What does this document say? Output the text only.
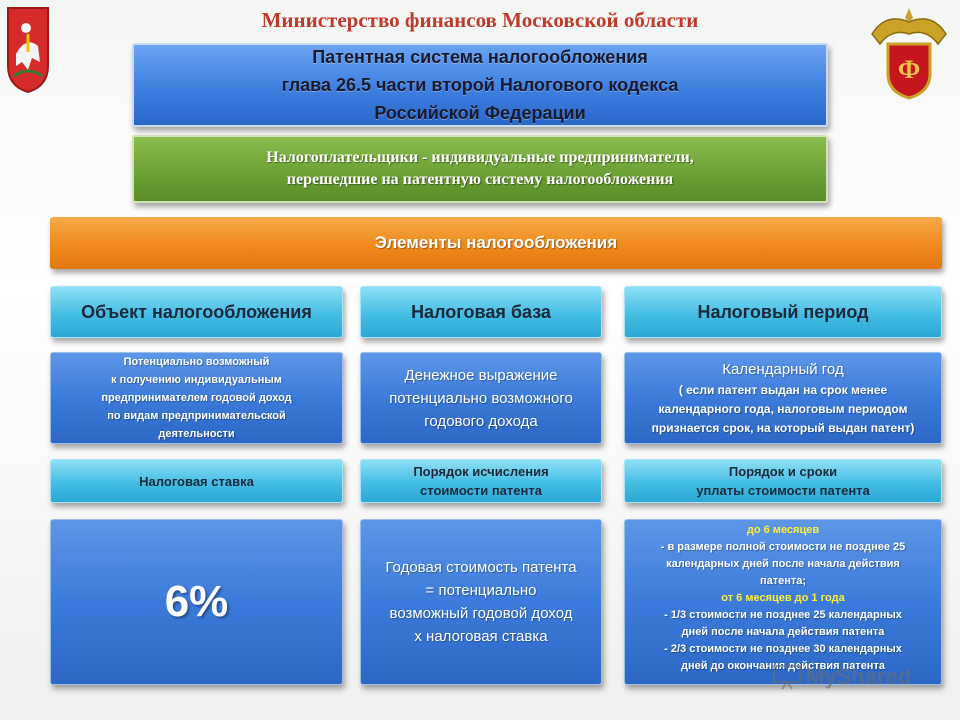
Ф
Министерство финансов Московской области
Патентная система налогообложения
глава 26.5 части второй Налогового кодекса
Российской Федерации
Налогоплательщики - индивидуальные предприниматели,
перешедшие на патентную систему налогообложения
Элементы налогообложения
Объект налогообложения	Налоговая база	Налоговый период
Потенциально возможный
к получению индивидуальным
предпринимателем годовой доход
по видам предпринимательской
деятельности
Денежное выражение
потенциально возможного
годового дохода
Календарный год
( если патент выдан на срок менее
календарного года, налоговым периодом
признается срок, на который выдан патент)
Налоговая ставка
Порядок исчисления
стоимости патента
Порядок и сроки
уплаты стоимости патента
6%
Годовая стоимость патента
= потенциально
возможный годовой доход
х налоговая ставка
до 6 месяцев
- в размере полной стоимости не позднее 25
календарных дней после начала действия
патента;
от 6 месяцев до 1 года
- 1/3 стоимости не позднее 25 календарных
дней после начала действия патента
- 2/3 стоимости не позднее 30 календарных
дней до окончания действия патента
MyShared
